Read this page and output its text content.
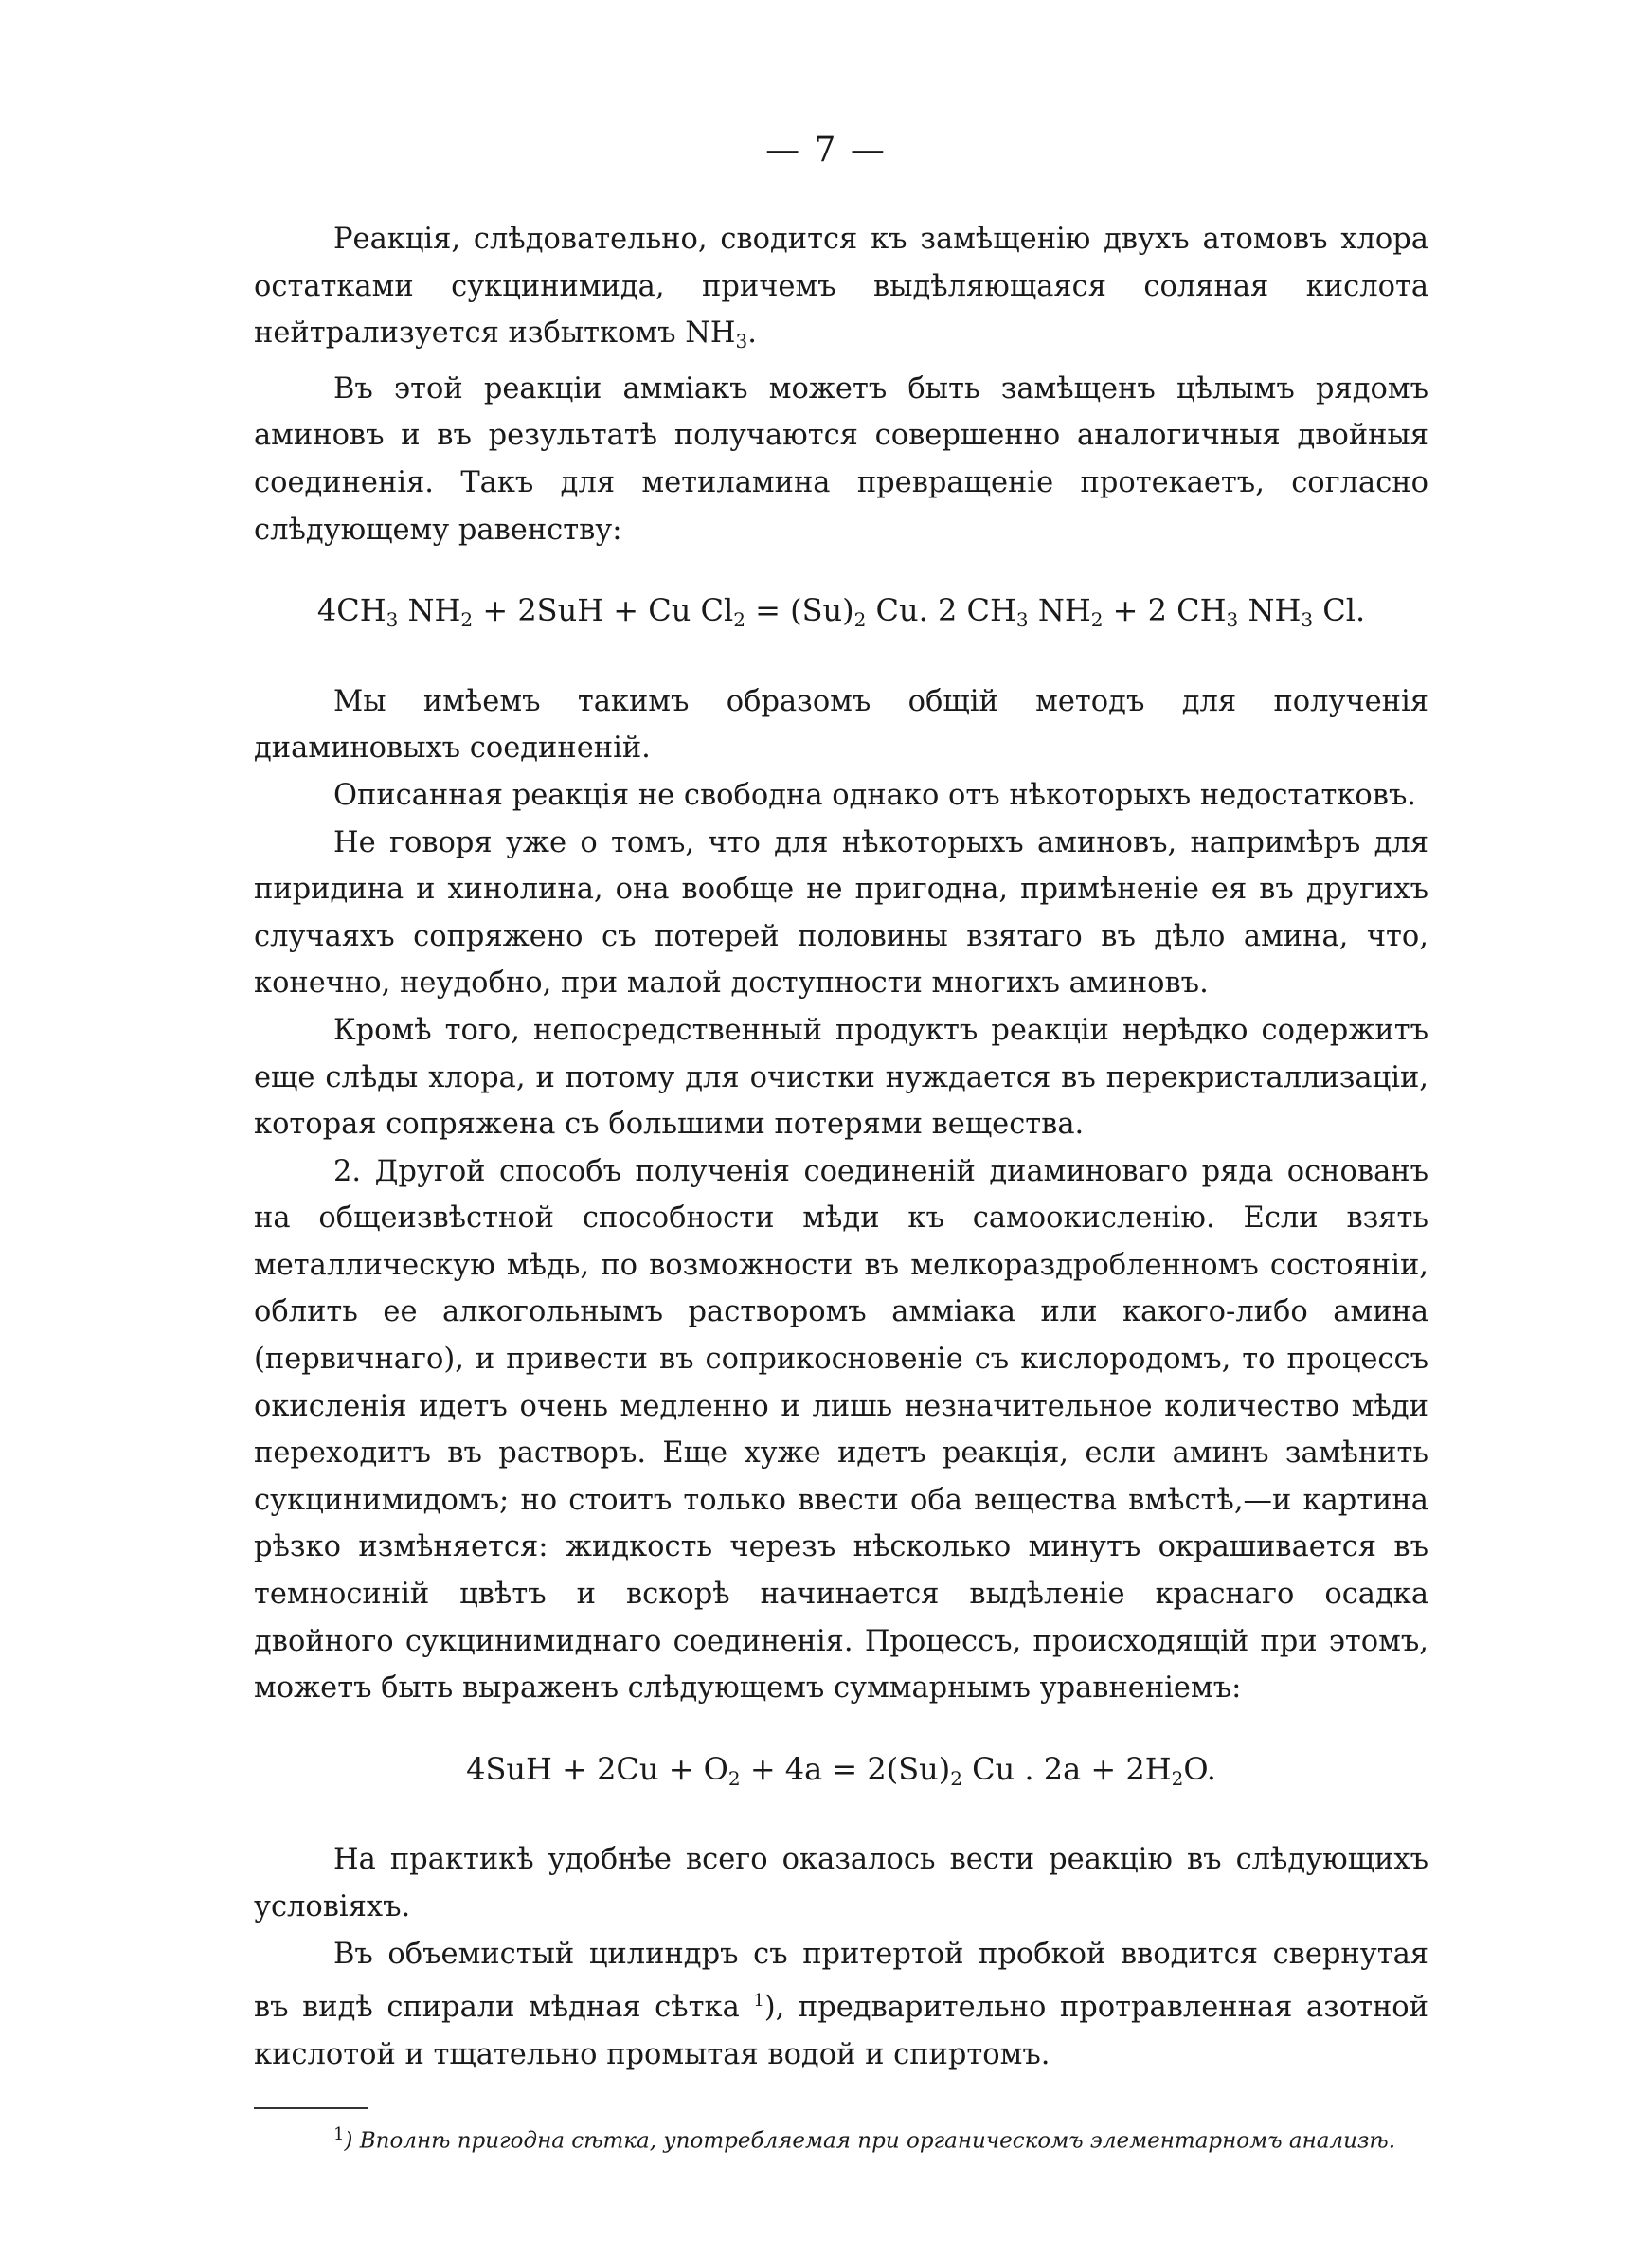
— 7 —

Реакція, слѣдовательно, сводится къ замѣщенію двухъ атомовъ хлора остатками сукцинимида, причемъ выдѣляющаяся соляная кислота нейтрализуется избыткомъ $NH_3$.

Въ этой реакціи амміакъ можетъ быть замѣщенъ цѣлымъ рядомъ аминовъ и въ результатѣ получаются совершенно аналогичныя двойныя соединенія. Такъ для метиламина превращеніе протекаетъ, согласно слѣдующему равенству:

$4CH_3$ $NH_2 + 2SuH + Cu$ $Cl_2 = (Su)_2$ Cu. 2 $CH_3$ $NH_2 + 2$ $CH_3$ $NH_3$ Cl.

Мы имѣемъ такимъ образомъ общій методъ для полученія диаминовыхъ соединеній.

Описанная реакція не свободна однако отъ нѣкоторыхъ недостатковъ.

Не говоря уже о томъ, что для нѣкоторыхъ аминовъ, напримѣръ для пиридина и хинолина, она вообще не пригодна, примѣненіе ея въ другихъ случаяхъ сопряжено съ потерей половины взятаго въ дѣло амина, что, конечно, неудобно, при малой доступности многихъ аминовъ.

Кромѣ того, непосредственный продуктъ реакціи нерѣдко содержитъ еще слѣды хлора, и потому для очистки нуждается въ перекристаллизаціи, которая сопряжена съ большими потерями вещества.

2. Другой способъ полученія соединеній диаминоваго ряда основанъ на общеизвѣстной способности мѣди къ самоокисленію. Если взять металлическую мѣдь, по возможности въ мелкораздробленномъ состояніи, облить ее алкогольнымъ растворомъ амміака или какого-либо амина (первичнаго), и привести въ соприкосновеніе съ кислородомъ, то процессъ окисленія идетъ очень медленно и лишь незначительное количество мѣди переходитъ въ растворъ. Еще хуже идетъ реакція, если аминъ замѣнить сукцинимидомъ; но стоитъ только ввести оба вещества вмѣстѣ,—и картина рѣзко измѣняется: жидкость черезъ нѣсколько минутъ окрашивается въ темносиній цвѣтъ и вскорѣ начинается выдѣленіе краснаго осадка двойного сукцинимиднаго соединенія. Процессъ, происходящій при этомъ, можетъ быть выраженъ слѣдующемъ суммарнымъ уравненіемъ:

$4SuH + 2Cu + O_2 + 4a = 2(Su)_2$ Cu . $2a + 2H_2O$.

На практикѣ удобнѣе всего оказалось вести реакцію въ слѣдующихъ условіяхъ.

Въ объемистый цилиндръ съ притертой пробкой вводится свернутая въ видѣ спирали мѣдная сѣтка $^1$), предварительно протравленная азотной кислотой и тщательно промытая водой и спиртомъ.

$^1$) Вполнѣ пригодна сѣтка, употребляемая при органическомъ элементарномъ анализѣ.
